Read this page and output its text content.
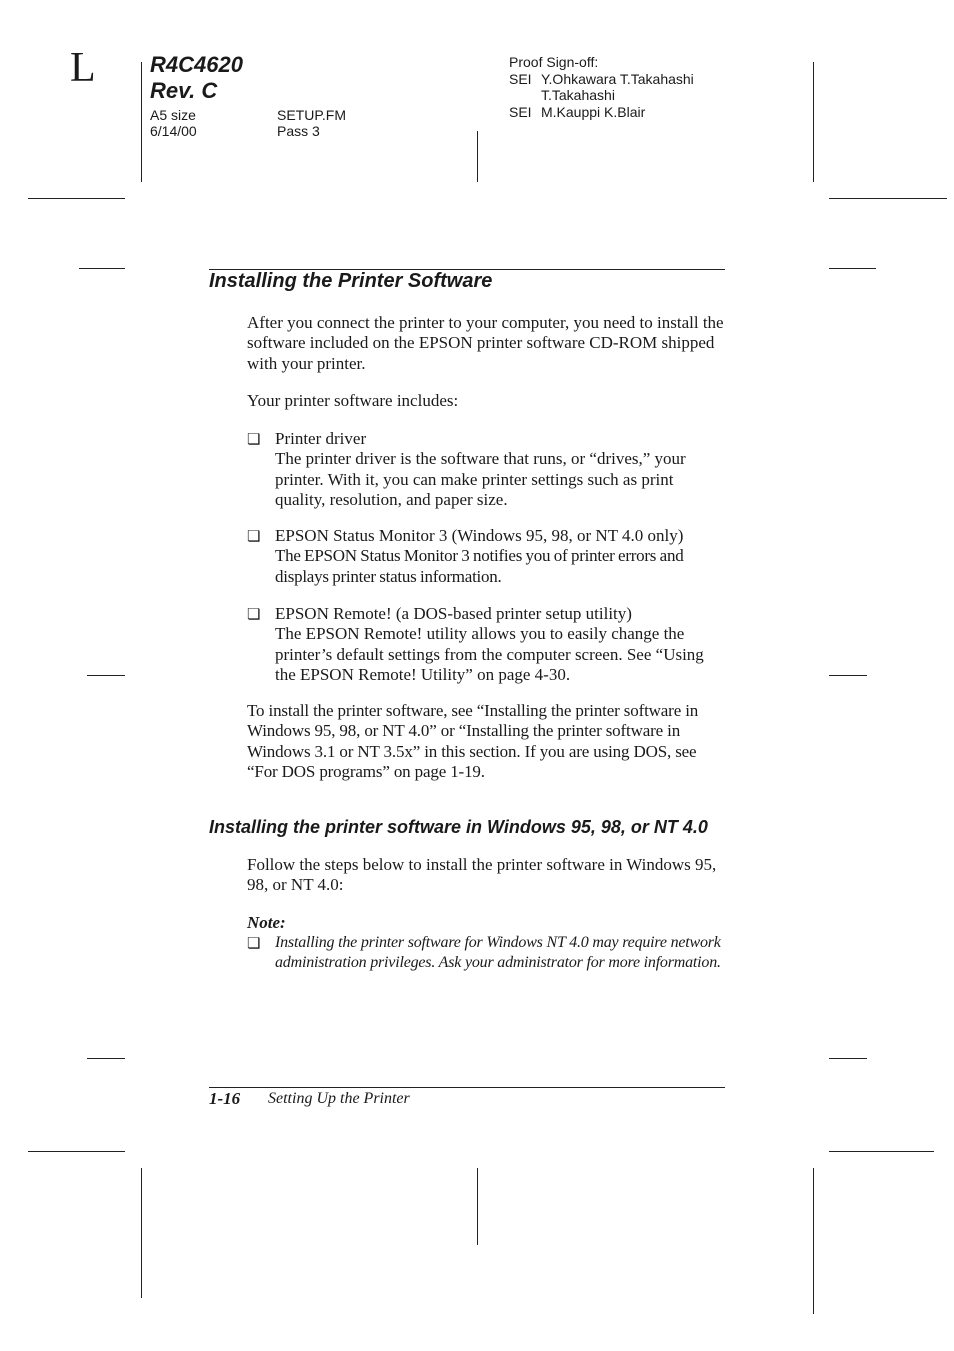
L R4C4620
Rev. C
A5 size
6/14/00
SETUP.FM
Pass 3
Proof Sign-off:
SEI Y.Ohkawara T.Takahashi
T.Takahashi
SEI M.Kauppi K.Blair
Installing the Printer Software
After you connect the printer to your computer, you need to install the software included on the EPSON printer software CD-ROM shipped with your printer.
Your printer software includes:
❏ Printer driver
The printer driver is the software that runs, or “drives,” your printer. With it, you can make printer settings such as print quality, resolution, and paper size.
❏ EPSON Status Monitor 3 (Windows 95, 98, or NT 4.0 only)
The EPSON Status Monitor 3 notifies you of printer errors and displays printer status information.
❏ EPSON Remote! (a DOS-based printer setup utility)
The EPSON Remote! utility allows you to easily change the printer’s default settings from the computer screen. See “Using the EPSON Remote! Utility” on page 4-30.
To install the printer software, see “Installing the printer software in Windows 95, 98, or NT 4.0” or “Installing the printer software in Windows 3.1 or NT 3.5x” in this section. If you are using DOS, see “For DOS programs” on page 1-19.
Installing the printer software in Windows 95, 98, or NT 4.0
Follow the steps below to install the printer software in Windows 95, 98, or NT 4.0:
Note:
❏ Installing the printer software for Windows NT 4.0 may require network administration privileges. Ask your administrator for more information.
1-16 Setting Up the Printer
